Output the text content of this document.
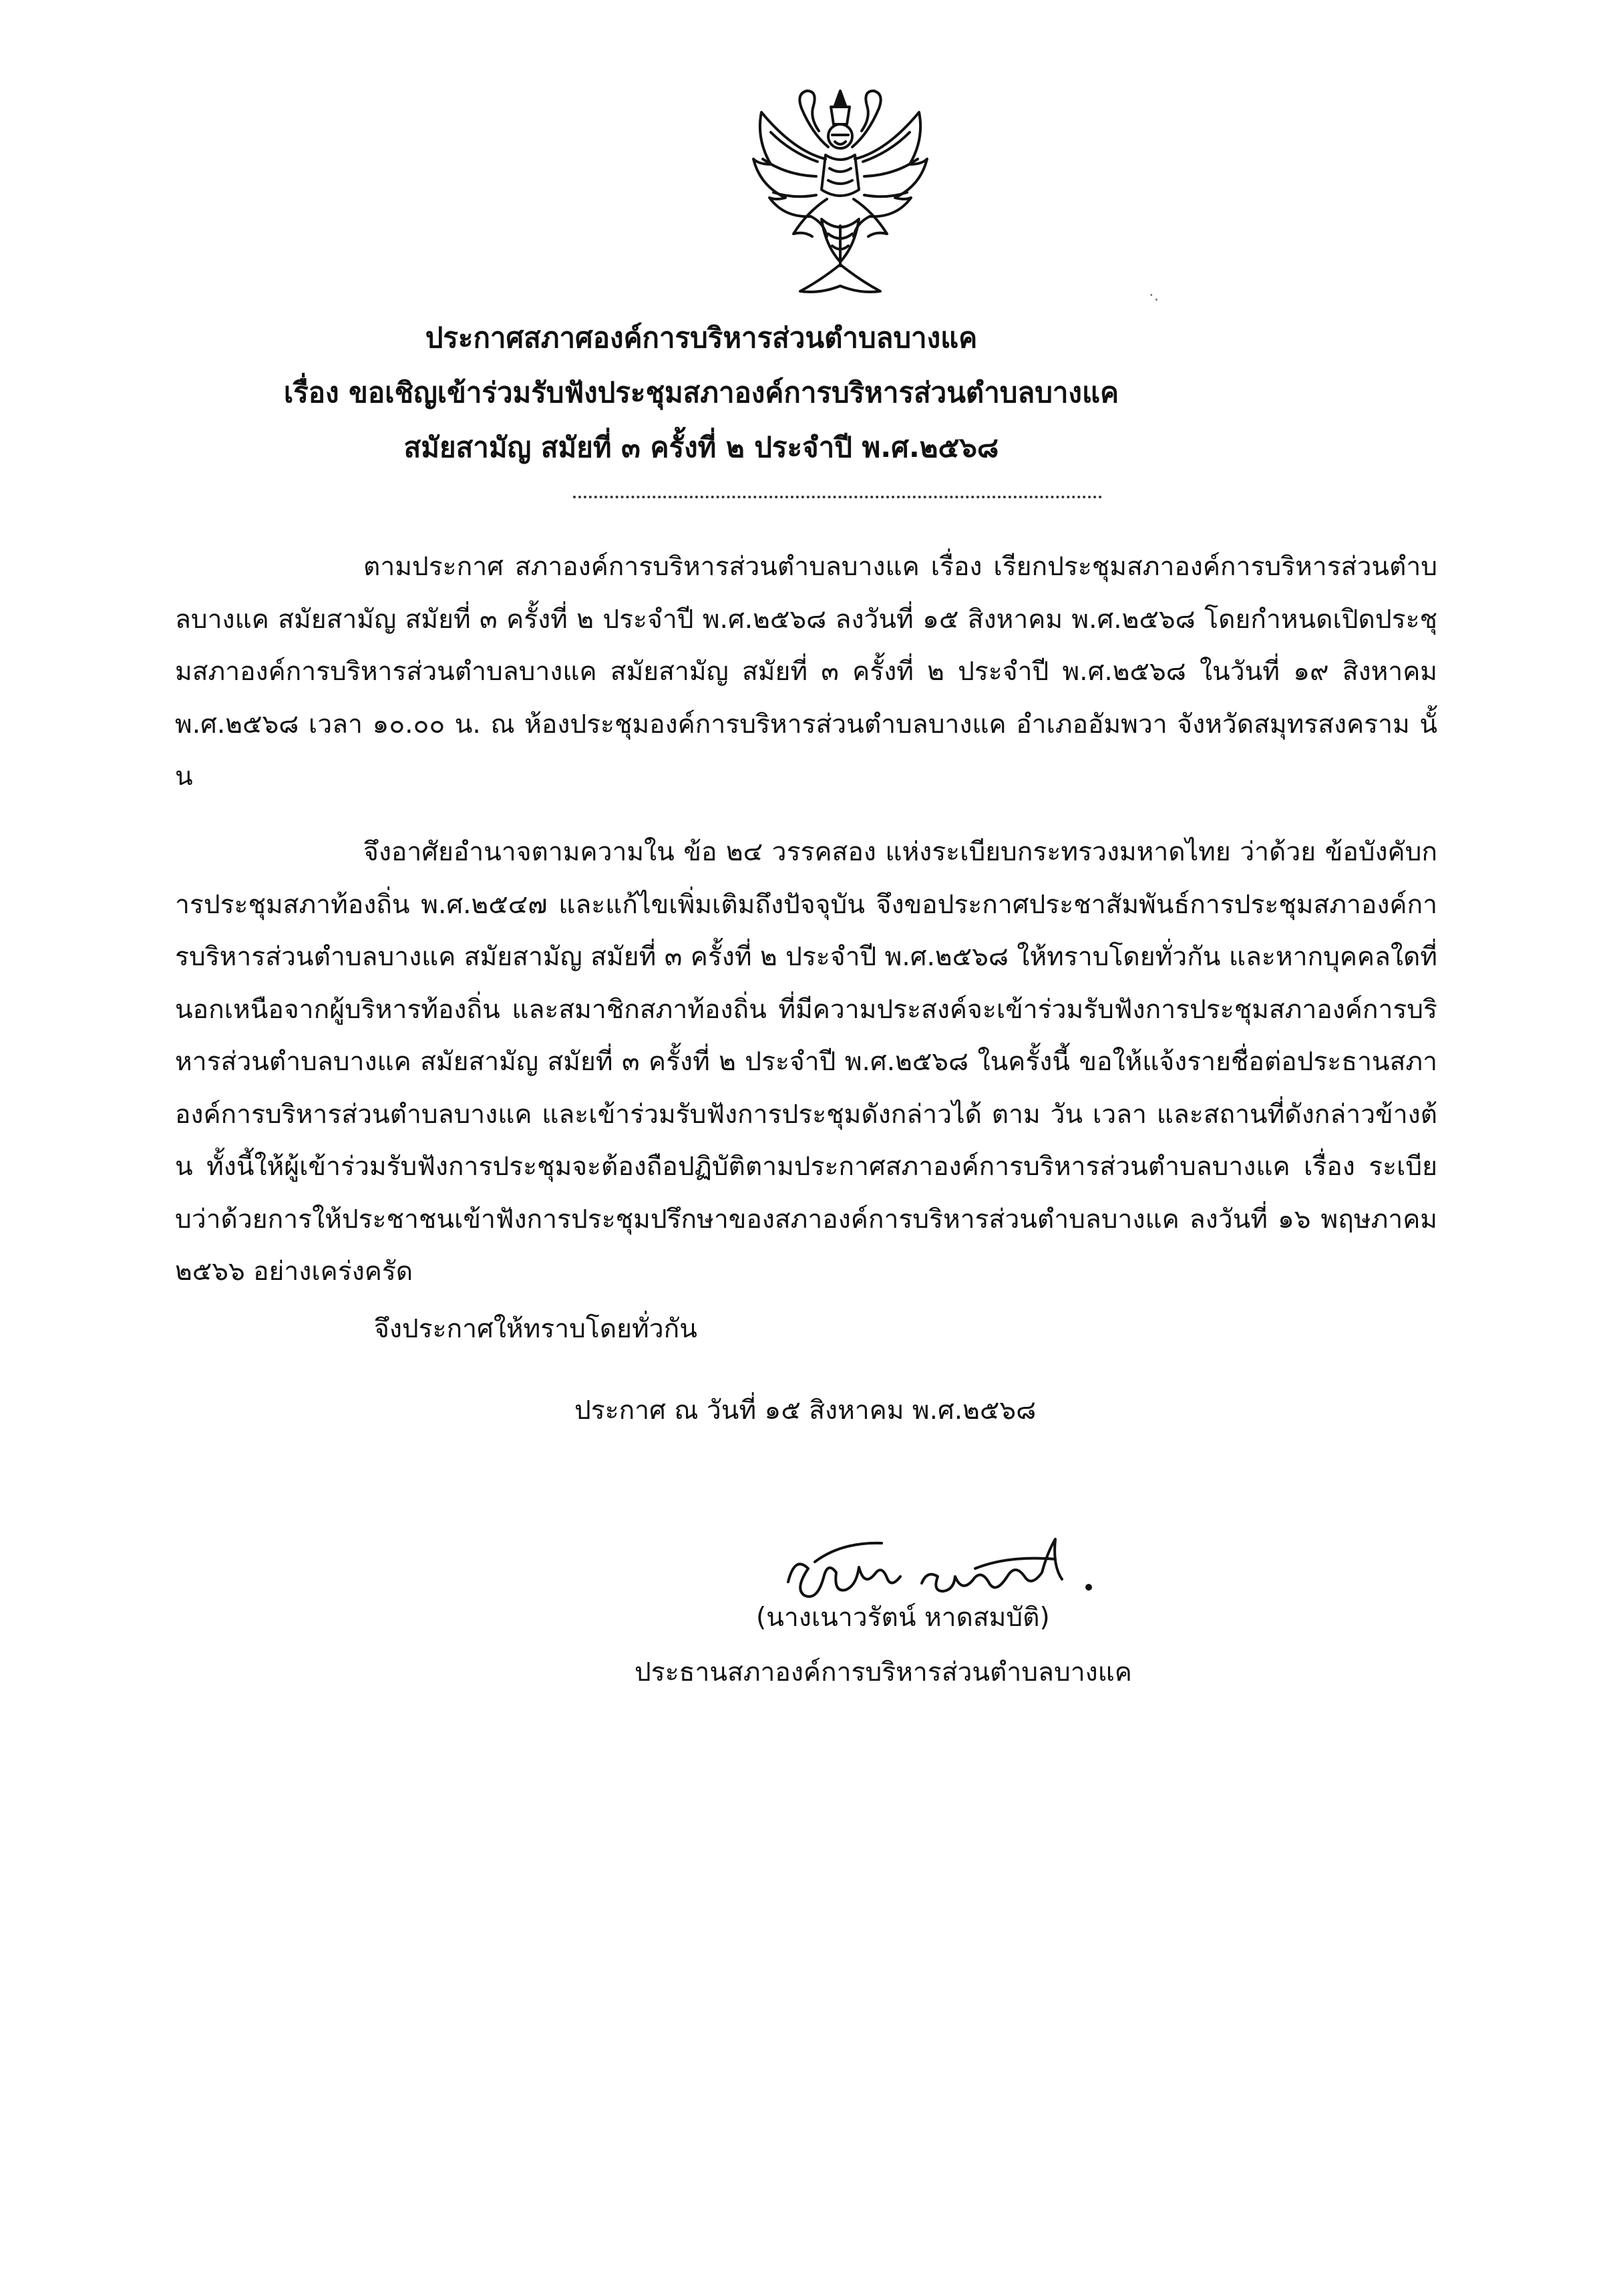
·.
ประกาศสภาศองค์การบริหารส่วนตำบลบางแค
เรื่อง ขอเชิญเข้าร่วมรับฟังประชุมสภาองค์การบริหารส่วนตำบลบางแค
สมัยสามัญ สมัยที่ ๓ ครั้งที่ ๒ ประจำปี พ.ศ.๒๕๖๘
ตามประกาศ สภาองค์การบริหารส่วนตำบลบางแค เรื่อง เรียกประชุมสภาองค์การบริหารส่วนตำบลบางแค สมัยสามัญ สมัยที่ ๓ ครั้งที่ ๒ ประจำปี พ.ศ.๒๕๖๘ ลงวันที่ ๑๕ สิงหาคม พ.ศ.๒๕๖๘ โดยกำหนดเปิดประชุมสภาองค์การบริหารส่วนตำบลบางแค สมัยสามัญ สมัยที่ ๓ ครั้งที่ ๒ ประจำปี พ.ศ.๒๕๖๘ ในวันที่ ๑๙ สิงหาคม พ.ศ.๒๕๖๘ เวลา ๑๐.๐๐ น. ณ ห้องประชุมองค์การบริหารส่วนตำบลบางแค อำเภออัมพวา จังหวัดสมุทรสงคราม นั้น
จึงอาศัยอำนาจตามความใน ข้อ ๒๔ วรรคสอง แห่งระเบียบกระทรวงมหาดไทย ว่าด้วย ข้อบังคับการประชุมสภาท้องถิ่น พ.ศ.๒๕๔๗ และแก้ไขเพิ่มเติมถึงปัจจุบัน จึงขอประกาศประชาสัมพันธ์การประชุมสภาองค์การบริหารส่วนตำบลบางแค สมัยสามัญ สมัยที่ ๓ ครั้งที่ ๒ ประจำปี พ.ศ.๒๕๖๘ ให้ทราบโดยทั่วกัน และหากบุคคลใดที่นอกเหนือจากผู้บริหารท้องถิ่น และสมาชิกสภาท้องถิ่น ที่มีความประสงค์จะเข้าร่วมรับฟังการประชุมสภาองค์การบริหารส่วนตำบลบางแค สมัยสามัญ สมัยที่ ๓ ครั้งที่ ๒ ประจำปี พ.ศ.๒๕๖๘ ในครั้งนี้ ขอให้แจ้งรายชื่อต่อประธานสภาองค์การบริหารส่วนตำบลบางแค และเข้าร่วมรับฟังการประชุมดังกล่าวได้ ตาม วัน เวลา และสถานที่ดังกล่าวข้างต้น ทั้งนี้ให้ผู้เข้าร่วมรับฟังการประชุมจะต้องถือปฏิบัติตามประกาศสภาองค์การบริหารส่วนตำบลบางแค เรื่อง ระเบียบว่าด้วยการให้ประชาชนเข้าฟังการประชุมปรึกษาของสภาองค์การบริหารส่วนตำบลบางแค ลงวันที่ ๑๖ พฤษภาคม ๒๕๖๖ อย่างเคร่งครัด
จึงประกาศให้ทราบโดยทั่วกัน
ประกาศ ณ วันที่ ๑๕ สิงหาคม พ.ศ.๒๕๖๘
(นางเนาวรัตน์ หาดสมบัติ)
ประธานสภาองค์การบริหารส่วนตำบลบางแค
